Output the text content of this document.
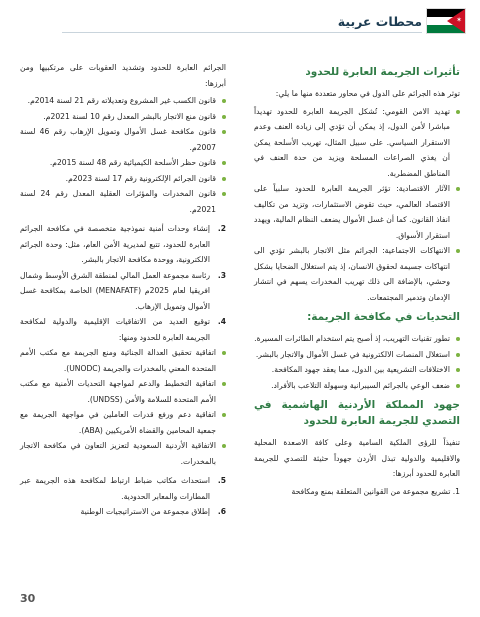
محطات عربية	✶
تأثيرات الجريمة العابرة للحدود

توثر هذه الجرائم على الدول في محاور متعددة منها ما يلي:

تهديد الامن القومي: تُشكل الجريمة العابرة للحدود تهديداً مباشرا لأمن الدول، إذ يمكن أن تؤدي إلى زيادة العنف وعدم الاستقرار السياسي. على سبيل المثال، تهريب الأسلحة يمكن أن يغذي الصراعات المسلحة ويزيد من حدة العنف في المناطق المضطربة.
الآثار الاقتصادية: تؤثر الجريمة العابرة للحدود سلبياً على الاقتصاد العالمي، حيث تقوض الاستثمارات، وتزيد من تكاليف انفاذ القانون. كما أن غسل الأموال يضعف النظام المالية، ويهدد استقرار الأسواق.
الانتهاكات الاجتماعية: الجرائم مثل الاتجار بالبشر تؤدي الى انتهاكات جسيمة لحقوق الانسان، إذ يتم استغلال الضحايا بشكل وحشي، بالإضافة الى ذلك تهريب المخدرات يسهم في انتشار الإدمان وتدمير المجتمعات.
التحديات في مكافحة الجريمة:
تطور تقنيات التهريب، إذ أصبح يتم استخدام الطائرات المسيرة.
استغلال المنصات الالكترونية في غسل الأموال والاتجار بالبشر.
الاختلافات التشريعية بين الدول، مما يعقد جهود المكافحة.
ضعف الوعي بالجرائم السيبرانية وسهولة التلاعب بالأفراد.
جهود المملكة الأردنية الهاشمية في التصدي للجريمة العابرة للحدود

تنفيذاً للرؤى الملكية السامية وعلى كافة الاصعدة المحلية والاقليمية والدولية تبذل الأردن جهوداً حثيثة للتصدي للجريمة العابرة للحدود أبرزها:

1. تشريع مجموعة من القوانين المتعلقة بمنع ومكافحة

الجرائم العابرة للحدود وتشديد العقوبات على مرتكبيها ومن أبرزها:

قانون الكسب غير المشروع وتعديلاته رقم 21 لسنة 2014م.
قانون منع الاتجار بالبشر المعدل رقم 10 لسنة 2021م.
قانون مكافحة غسل الأموال وتمويل الإرهاب رقم 46 لسنة 2007م.
قانون حظر الأسلحة الكيميائية رقم 48 لسنة 2015م.
قانون الجرائم الإلكترونية رقم 17 لسنة 2023م.
قانون المخدرات والمؤثرات العقلية المعدل رقم 24 لسنة 2021م.
2.
إنشاء وحدات أمنية نموذجية متخصصة في مكافحة الجرائم العابرة للحدود، تتبع لمديرية الأمن العام، مثل: وحدة الجرائم الالكترونية، ووحدة مكافحة الاتجار بالبشر.
3.
رئاسة مجموعة العمل المالي لمنطقة الشرق الأوسط وشمال افريقيا لعام 2025م (MENAFATF) الخاصة بمكافحة غسل الأموال وتمويل الإرهاب.
4.
توقيع العديد من الاتفاقيات الإقليمية والدولية لمكافحة الجريمة العابرة للحدود ومنها:
اتفاقية تحقيق العدالة الجنائية ومنع الجريمة مع مكتب الأمم المتحدة المعني بالمخدرات والجريمة (UNODC).
اتفاقية التخطيط والدعم لمواجهة التحديات الأمنية مع مكتب الأمم المتحدة للسلامة والأمن (UNDSS).
اتفاقية دعم ورفع قدرات العاملين في مواجهة الجريمة مع جمعية المحامين والقضاة الأمريكيين (ABA).
الاتفاقية الأردنية السعودية لتعزيز التعاون في مكافحة الاتجار بالمخدرات.
5.
استحداث مكاتب ضباط ارتباط لمكافحة هذه الجريمة عبر المطارات والمعابر الحدودية.
6.
إطلاق مجموعة من الاستراتيجيات الوطنية
30
